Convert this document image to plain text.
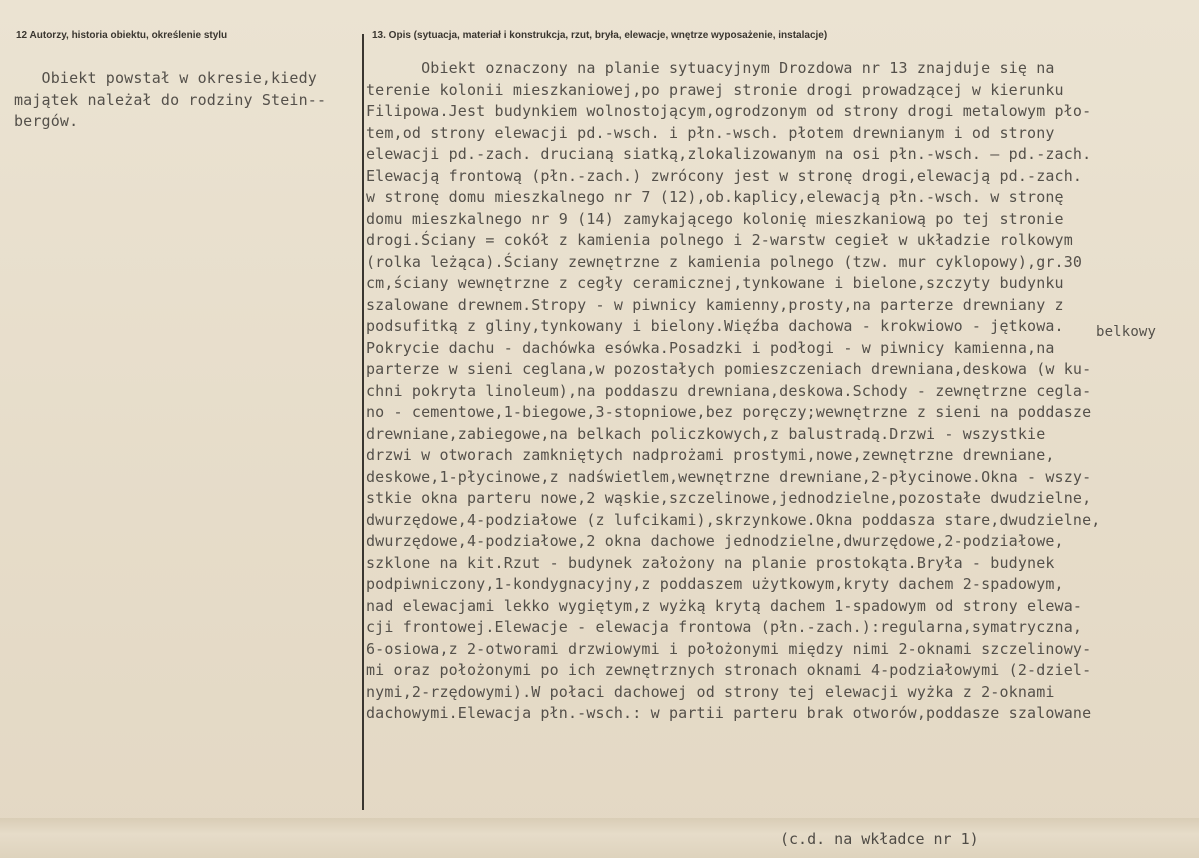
12 Autorzy, historia obiektu, określenie stylu	13. Opis (sytuacja, materiał i konstrukcja, rzut, bryła, elewacje, wnętrze wyposażenie, instalacje)
Obiekt powstał w okresie,kiedy
majątek należał do rodziny Stein--
bergów.
Obiekt oznaczony na planie sytuacyjnym Drozdowa nr 13 znajduje się na
terenie kolonii mieszkaniowej,po prawej stronie drogi prowadzącej w kierunku
Filipowa.Jest budynkiem wolnostojącym,ogrodzonym od strony drogi metalowym pło-
tem,od strony elewacji pd.-wsch. i płn.-wsch. płotem drewnianym i od strony
elewacji pd.-zach. drucianą siatką,zlokalizowanym na osi płn.-wsch. ‒ pd.-zach.
Elewacją frontową (płn.-zach.) zwrócony jest w stronę drogi,elewacją pd.-zach.
w stronę domu mieszkalnego nr 7 (12),ob.kaplicy,elewacją płn.-wsch. w stronę
domu mieszkalnego nr 9 (14) zamykającego kolonię mieszkaniową po tej stronie
drogi.Ściany = cokół z kamienia polnego i 2-warstw cegieł w układzie rolkowym
(rolka leżąca).Ściany zewnętrzne z kamienia polnego (tzw. mur cyklopowy),gr.30
cm,ściany wewnętrzne z cegły ceramicznej,tynkowane i bielone,szczyty budynku
szalowane drewnem.Stropy - w piwnicy kamienny,prosty,na parterze drewniany z
podsufitką z gliny,tynkowany i bielony.Więźba dachowa - krokwiowo - jętkowa.
Pokrycie dachu - dachówka esówka.Posadzki i podłogi - w piwnicy kamienna,na
parterze w sieni ceglana,w pozostałych pomieszczeniach drewniana,deskowa (w ku-
chni pokryta linoleum),na poddaszu drewniana,deskowa.Schody - zewnętrzne cegla-
no - cementowe,1-biegowe,3-stopniowe,bez poręczy;wewnętrzne z sieni na poddasze
drewniane,zabiegowe,na belkach policzkowych,z balustradą.Drzwi - wszystkie
drzwi w otworach zamkniętych nadprożami prostymi,nowe,zewnętrzne drewniane,
deskowe,1-płycinowe,z nadświetlem,wewnętrzne drewniane,2-płycinowe.Okna - wszy-
stkie okna parteru nowe,2 wąskie,szczelinowe,jednodzielne,pozostałe dwudzielne,
dwurzędowe,4-podziałowe (z lufcikami),skrzynkowe.Okna poddasza stare,dwudzielne,
dwurzędowe,4-podziałowe,2 okna dachowe jednodzielne,dwurzędowe,2-podziałowe,
szklone na kit.Rzut - budynek założony na planie prostokąta.Bryła - budynek
podpiwniczony,1-kondygnacyjny,z poddaszem użytkowym,kryty dachem 2-spadowym,
nad elewacjami lekko wygiętym,z wyżką krytą dachem 1-spadowym od strony elewa-
cji frontowej.Elewacje - elewacja frontowa (płn.-zach.):regularna,symatryczna,
6-osiowa,z 2-otworami drzwiowymi i położonymi między nimi 2-oknami szczelinowy-
mi oraz położonymi po ich zewnętrznych stronach oknami 4-podziałowymi (2-dziel-
nymi,2-rzędowymi).W połaci dachowej od strony tej elewacji wyżka z 2-oknami
dachowymi.Elewacja płn.-wsch.: w partii parteru brak otworów,poddasze szalowane
belkowy
(c.d. na wkładce nr 1)
